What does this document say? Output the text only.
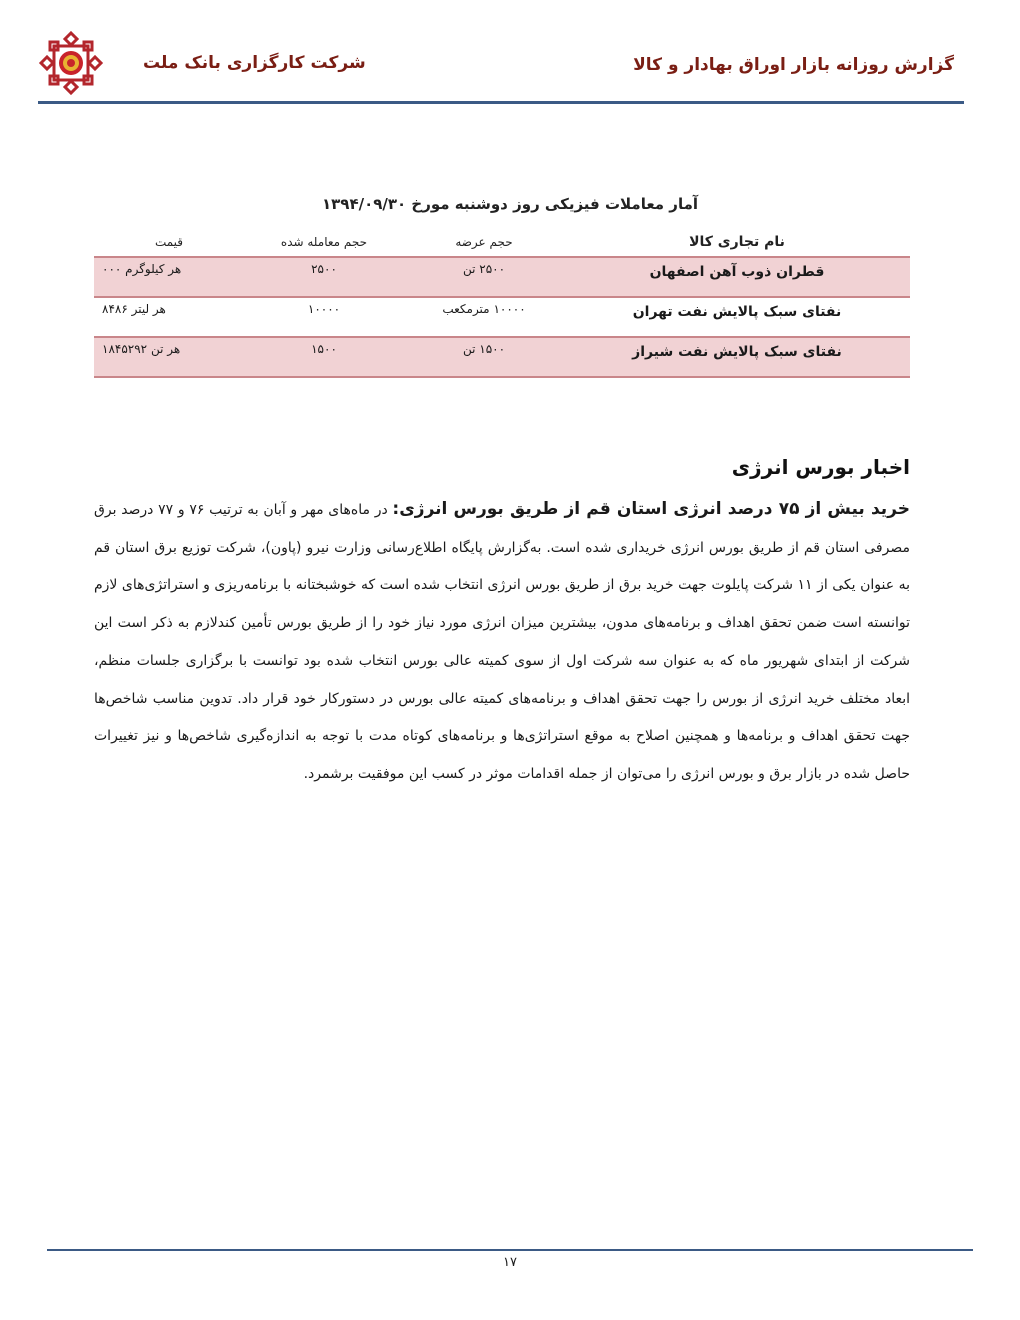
گزارش روزانه بازار اوراق بهادار و کالا
شرکت کارگزاری بانک ملت
آمار معاملات فیزیکی روز دوشنبه مورخ ۱۳۹۴/۰۹/۳۰
نام تجاری کالا	حجم عرضه	حجم معامله شده	قیمت
قطران ذوب آهن اصفهان	۲۵۰۰ تن	۲۵۰۰	هر کیلوگرم ۰۰۰
نفتای سبک پالایش نفت تهران	۱۰۰۰۰ مترمکعب	۱۰۰۰۰	هر لیتر ۸۴۸۶
نفتای سبک پالایش نفت شیراز	۱۵۰۰ تن	۱۵۰۰	هر تن ۱۸۴۵۲۹۲
اخبار بورس انرژی

خرید بیش از ۷۵ درصد انرژی استان قم از طریق بورس انرژی: در ماه‌های مهر و آبان به ترتیب ۷۶ و ۷۷ درصد برق مصرفی استان قم از طریق بورس انرژی خریداری شده است. به‌گزارش پایگاه اطلاع‌رسانی وزارت نیرو (پاون)، شرکت توزیع برق استان قم به عنوان یکی از ۱۱ شرکت پایلوت جهت خرید برق از طریق بورس انرژی انتخاب شده است که خوشبختانه با برنامه‌ریزی و استراتژی‌های لازم توانسته است ضمن تحقق اهداف و برنامه‌های مدون، بیشترین میزان انرژی مورد نیاز خود را از طریق بورس تأمین کندلازم به ذکر است این شرکت از ابتدای شهریور ماه که به عنوان سه شرکت اول از سوی کمیته عالی بورس انتخاب شده بود توانست با برگزاری جلسات منظم، ابعاد مختلف خرید انرژی از بورس را جهت تحقق اهداف و برنامه‌های کمیته عالی بورس در دستورکار خود قرار داد. تدوین مناسب شاخص‌ها جهت تحقق اهداف و برنامه‌ها و همچنین اصلاح به موقع استراتژی‌ها و برنامه‌های کوتاه مدت با توجه به اندازه‌گیری شاخص‌ها و نیز تغییرات حاصل شده در بازار برق و بورس انرژی را می‌توان از جمله اقدامات موثر در کسب این موفقیت برشمرد.

۱۷
